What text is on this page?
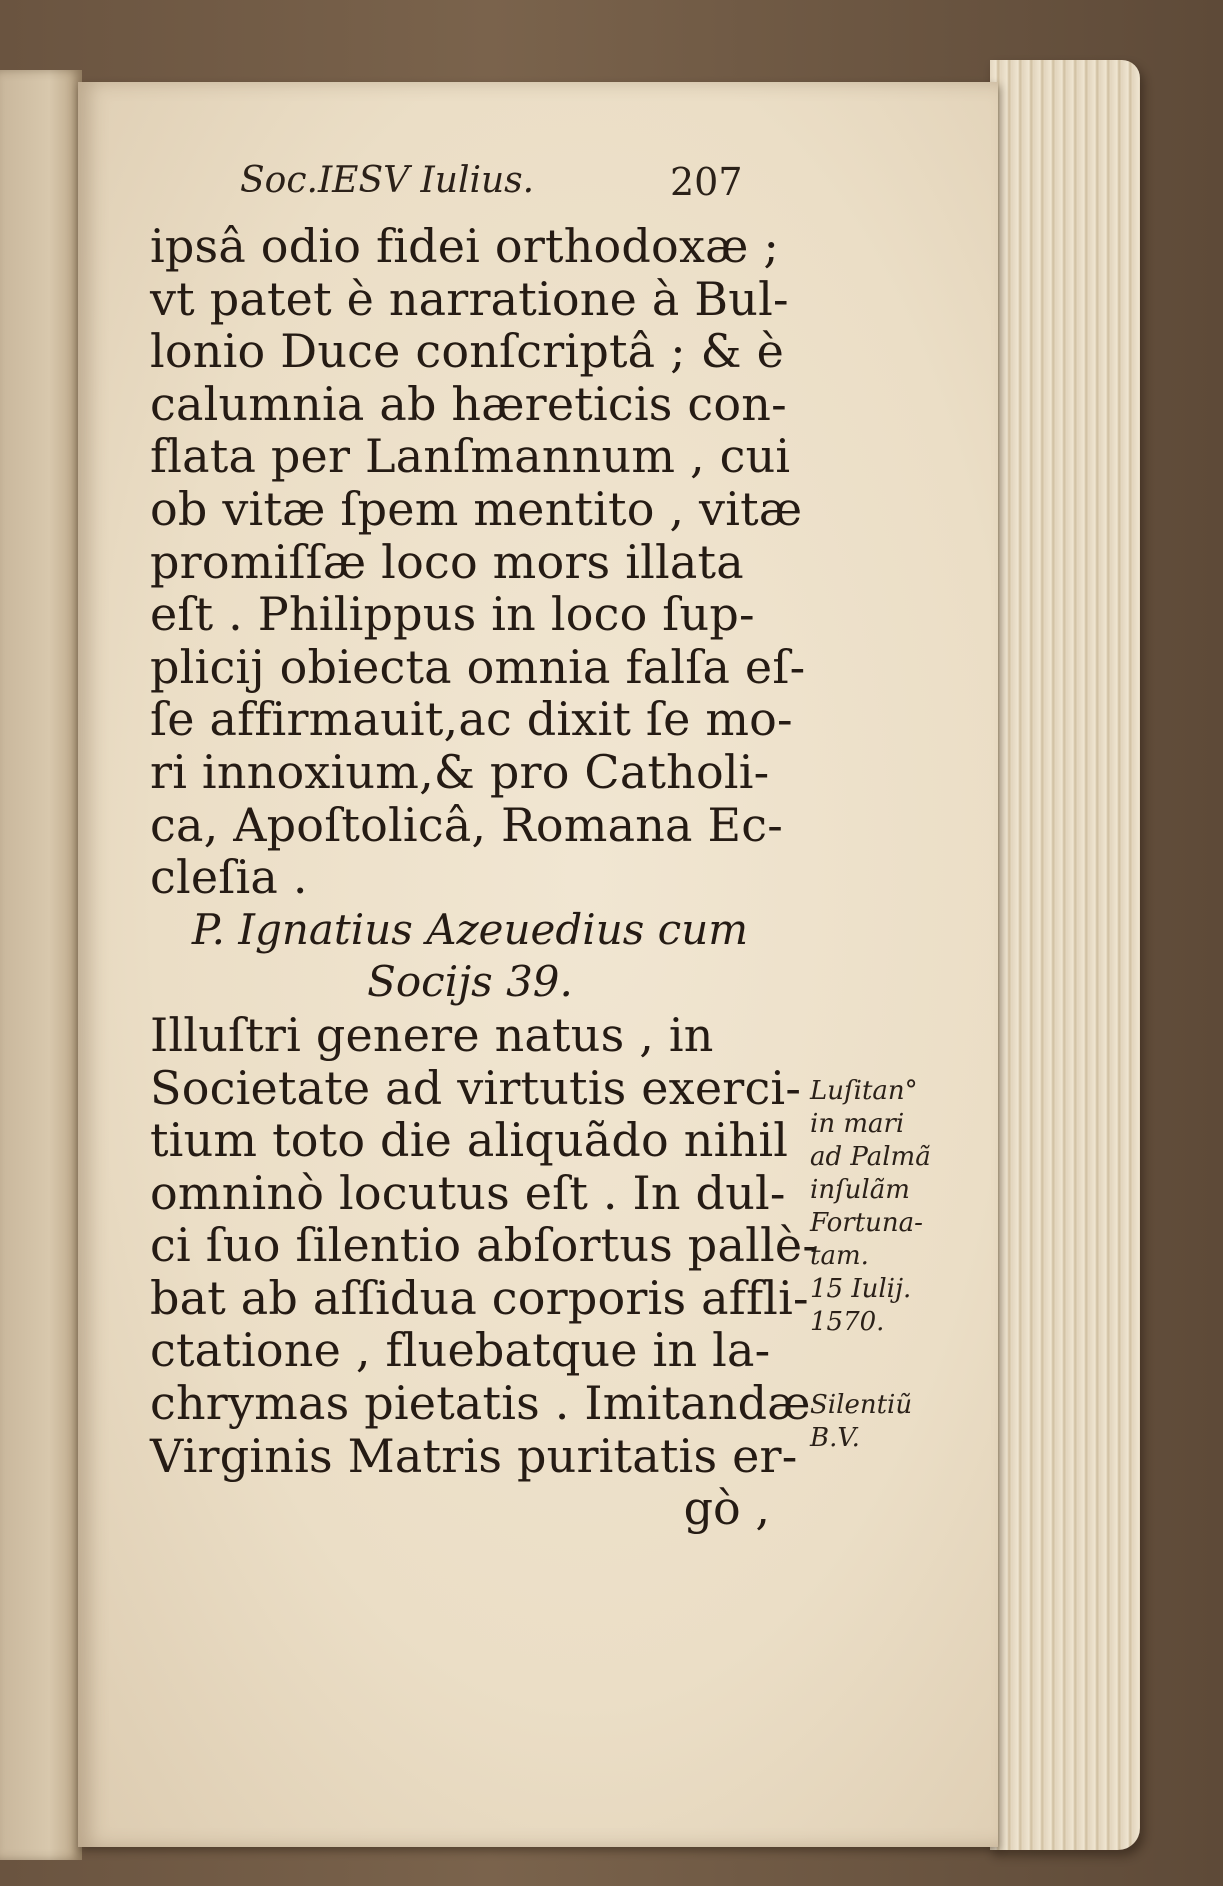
Soc.IESV Iulius.	207
ipsâ odio fidei orthodoxæ ;
vt patet è narratione à Bul-
lonio Duce conſcriptâ ; & è
calumnia ab hæreticis con-
flata per Lanſmannum , cui
ob vitæ ſpem mentito , vitæ
promiſſæ loco mors illata
eſt . Philippus in loco ſup-
plicij obiecta omnia falſa eſ-
ſe affirmauit,ac dixit ſe mo-
ri innoxium,& pro Catholi-
ca, Apoſtolicâ, Romana Ec-
cleſia .
P. Ignatius Azeuedius cum
Socijs 39.
Illuſtri genere natus , in
Societate ad virtutis exerci-
tium toto die aliquãdo nihil
omninò locutus eſt . In dul-
ci ſuo ſilentio abſortus pallè-
bat ab aſſidua corporis affli-
ctatione , fluebatque in la-
chrymas pietatis . Imitandæ
Virginis Matris puritatis er-
gò ,
Luſitan°
in mari
ad Palmã
inſulãm
Fortuna-
tam.
15 Iulij.
1570.
Silentiũ
B.V.
